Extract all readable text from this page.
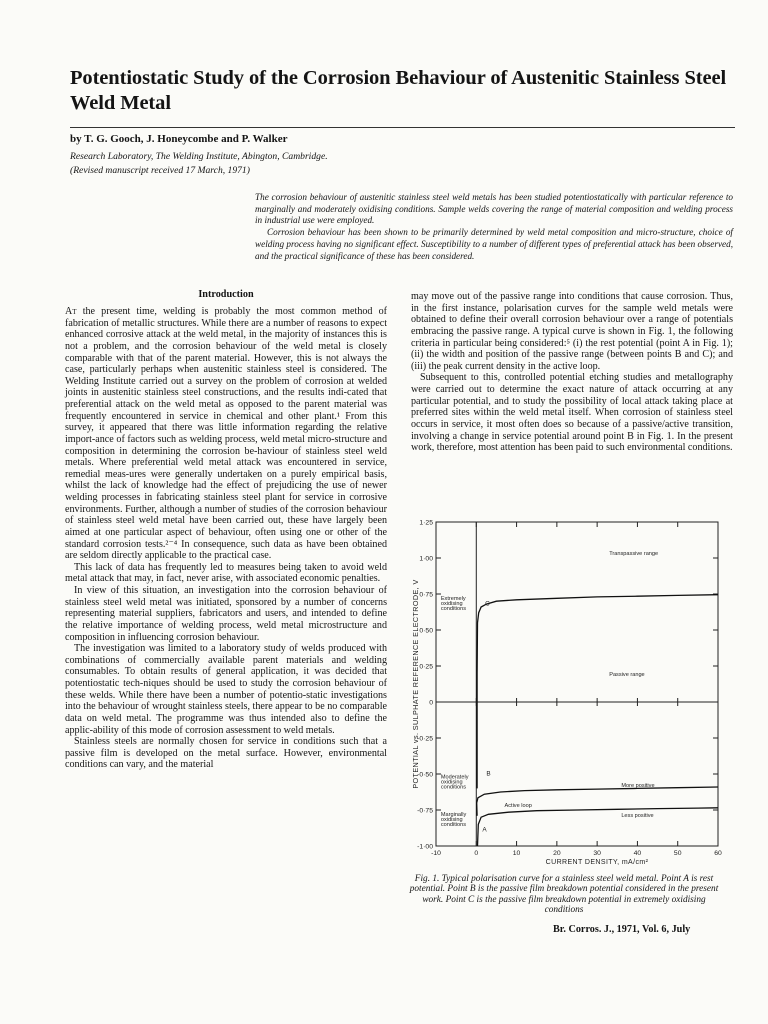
Potentiostatic Study of the Corrosion Behaviour of Austenitic Stainless Steel Weld Metal

by T. G. Gooch, J. Honeycombe and P. Walker

Research Laboratory, The Welding Institute, Abington, Cambridge.

(Revised manuscript received 17 March, 1971)

The corrosion behaviour of austenitic stainless steel weld metals has been studied potentiostatically with particular reference to marginally and moderately oxidising conditions. Sample welds covering the range of material composition and welding process in industrial use were employed.

Corrosion behaviour has been shown to be primarily determined by weld metal composition and micro-structure, choice of welding process having no significant effect. Susceptibility to a number of different types of preferential attack has been observed, and the practical significance of these has been considered.

Introduction

At the present time, welding is probably the most common method of fabrication of metallic structures. While there are a number of reasons to expect enhanced corrosive attack at the weld metal, in the majority of instances this is not a problem, and the corrosion behaviour of the weld metal is closely comparable with that of the parent material. However, this is not always the case, particularly perhaps when austenitic stainless steel is considered. The Welding Institute carried out a survey on the problem of corrosion at welded joints in austenitic stainless steel constructions, and the results indi-cated that preferential attack on the weld metal as opposed to the parent material was frequently encountered in service in chemical and other plant.¹ From this survey, it appeared that there was little information regarding the relative import-ance of factors such as welding process, weld metal micro-structure and composition in determining the corrosion be-haviour of stainless steel weld metals. Where preferential weld metal attack was encountered in service, remedial meas-ures were generally undertaken on a purely empirical basis, whilst the lack of knowledge had the effect of prejudicing the use of newer welding processes in fabricating stainless steel plant for service in corrosive environments. Further, although a number of studies of the corrosion behaviour of stainless steel weld metal have been carried out, these have largely been aimed at one particular aspect of behaviour, often using one or other of the standard corrosion tests.²⁻⁴ In consequence, such data as have been obtained are seldom directly applicable to the practical case.

This lack of data has frequently led to measures being taken to avoid weld metal attack that may, in fact, never arise, with associated economic penalties.

In view of this situation, an investigation into the corrosion behaviour of stainless steel weld metal was initiated, sponsored by a number of concerns representing material suppliers, fabricators and users, and intended to define the relative importance of welding process, weld metal microstructure and composition in influencing corrosion behaviour.

The investigation was limited to a laboratory study of welds produced with combinations of commercially available parent materials and welding consumables. To obtain results of general application, it was decided that potentiostatic tech-niques should be used to study the corrosion behaviour of these welds. While there have been a number of potentio-static investigations into the behaviour of wrought stainless steels, there appear to be no comparable data on weld metal. The programme was thus intended also to define the applic-ability of this mode of corrosion assessment to weld metals.

Stainless steels are normally chosen for service in conditions such that a passive film is developed on the metal surface. However, environmental conditions can vary, and the material

may move out of the passive range into conditions that cause corrosion. Thus, in the first instance, polarisation curves for the sample weld metals were obtained to define their overall corrosion behaviour over a range of potentials embracing the passive range. A typical curve is shown in Fig. 1, the following criteria in particular being considered:⁵ (i) the rest potential (point A in Fig. 1); (ii) the width and position of the passive range (between points B and C); and (iii) the peak current density in the active loop.

Subsequent to this, controlled potential etching studies and metallography were carried out to determine the exact nature of attack occurring at any particular potential, and to study the possibility of local attack taking place at preferred sites within the weld metal itself. When corrosion of stainless steel occurs in service, it most often does so because of a passive/active transition, involving a change in service potential around point B in Fig. 1. In the present work, therefore, most attention has been paid to such environmental conditions.

1·25
1·00
0·75
0·50
0·25
0
-0·25
-0·50
-0·75
-1·00
-10	0	10	20	30	40	50	60
CURRENT DENSITY, mA/cm²
POTENTIAL vs. SULPHATE REFERENCE ELECTRODE, V
Transpassive range
Passive range
More positive
Active loop
Less positive
Extremely
oxidising
conditions
Moderately
oxidising
conditions
Marginally
oxidising
conditions
A
B
C

Fig. 1. Typical polarisation curve for a stainless steel weld metal. Point A is rest potential. Point B is the passive film breakdown potential considered in the present work. Point C is the passive film breakdown potential in extremely oxidising conditions

Br. Corros. J., 1971, Vol. 6, July
